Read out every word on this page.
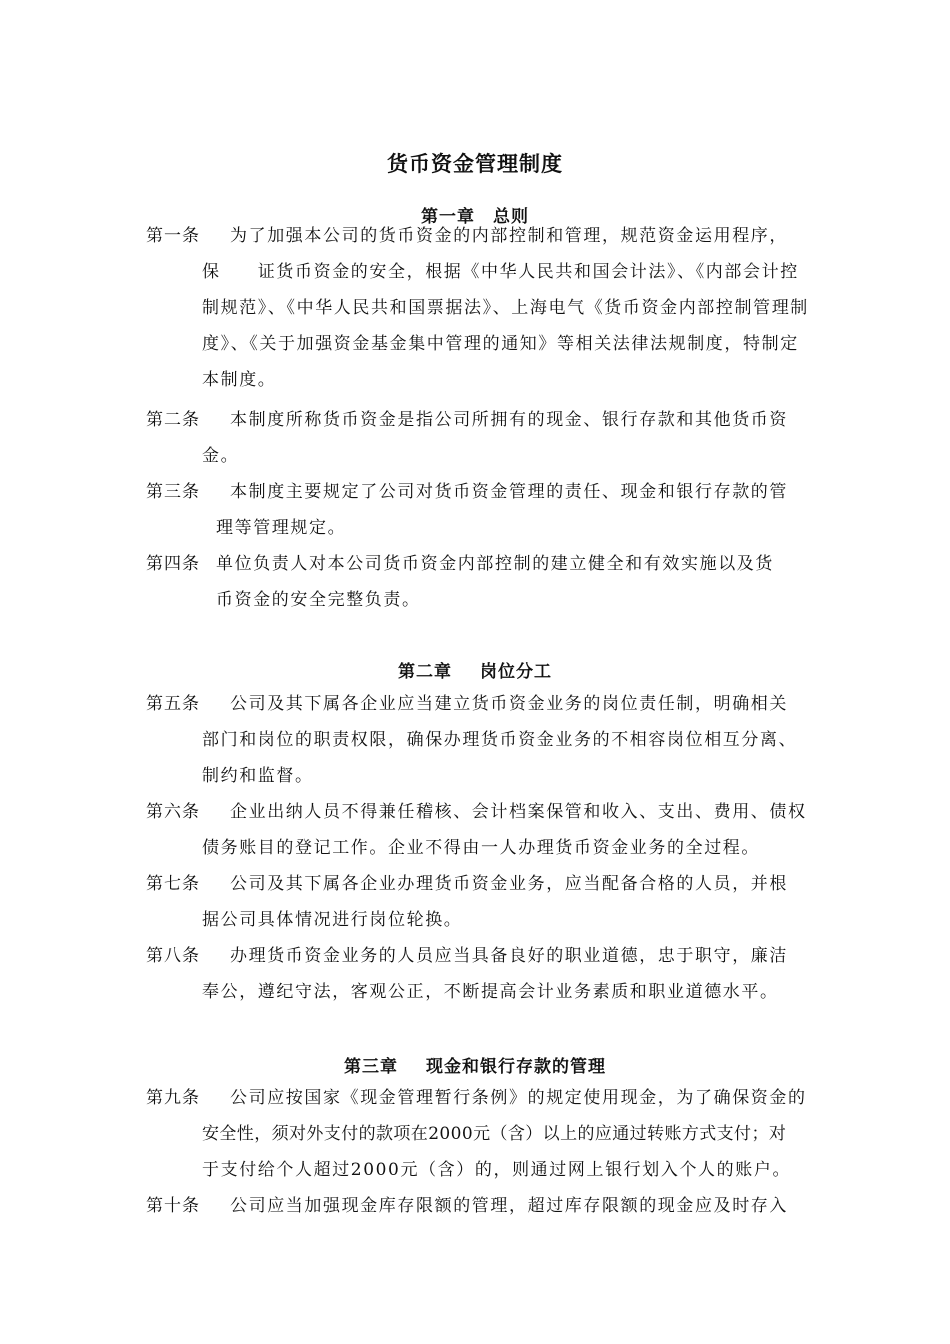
货币资金管理制度
第一章 总则
第一条	为了加强本公司的货币资金的内部控制和管理，规范资金运用程序，
保　　证货币资金的安全，根据《中华人民共和国会计法》、《内部会计控
制规范》、《中华人民共和国票据法》、上海电气《货币资金内部控制管理制
度》、《关于加强资金基金集中管理的通知》等相关法律法规制度，特制定
本制度。
第二条	本制度所称货币资金是指公司所拥有的现金、银行存款和其他货币资
金。
第三条	本制度主要规定了公司对货币资金管理的责任、现金和银行存款的管
理等管理规定。
第四条 单位负责人对本公司货币资金内部控制的建立健全和有效实施以及货
币资金的安全完整负责。
第二章 岗位分工
第五条	公司及其下属各企业应当建立货币资金业务的岗位责任制，明确相关
部门和岗位的职责权限，确保办理货币资金业务的不相容岗位相互分离、
制约和监督。
第六条	企业出纳人员不得兼任稽核、会计档案保管和收入、支出、费用、债权
债务账目的登记工作。企业不得由一人办理货币资金业务的全过程。
第七条	公司及其下属各企业办理货币资金业务，应当配备合格的人员，并根
据公司具体情况进行岗位轮换。
第八条	办理货币资金业务的人员应当具备良好的职业道德，忠于职守，廉洁
奉公，遵纪守法，客观公正，不断提高会计业务素质和职业道德水平。
第三章 现金和银行存款的管理
第九条	公司应按国家《现金管理暂行条例》的规定使用现金，为了确保资金的
安全性，须对外支付的款项在2000元（含）以上的应通过转账方式支付；对
于支付给个人超过2000元（含）的，则通过网上银行划入个人的账户。
第十条	公司应当加强现金库存限额的管理，超过库存限额的现金应及时存入
